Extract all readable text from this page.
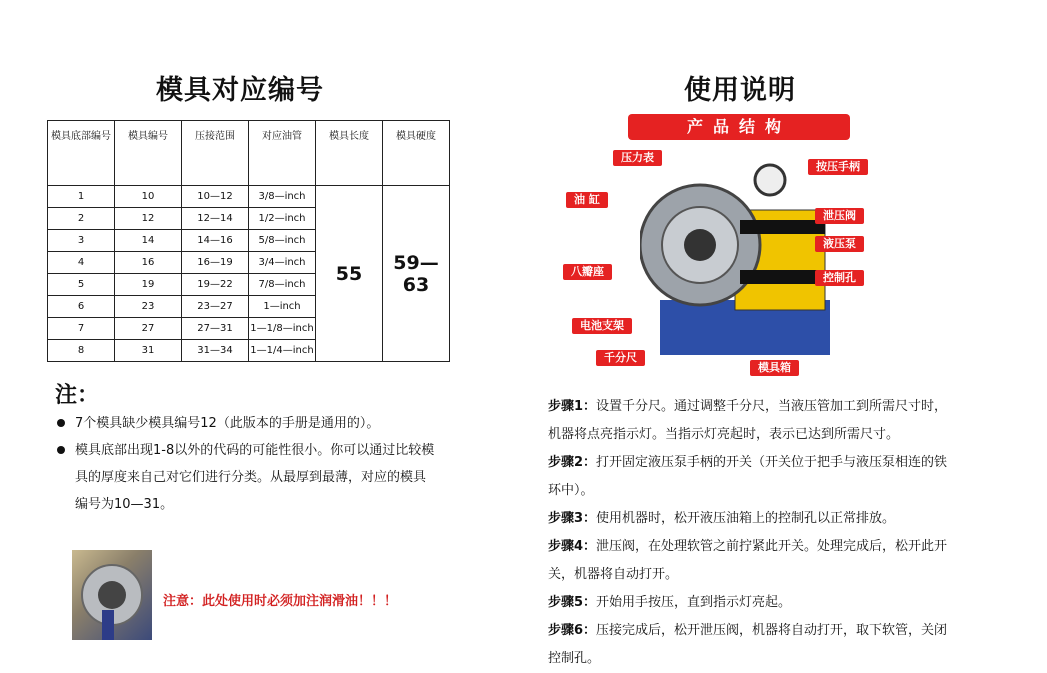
模具对应编号
模具底部编号	模具编号	压接范围	对应油管	模具长度	模具硬度
1	10	10—12	3/8—inch	55	59—63
2	12	12—14	1/2—inch		
3	14	14—16	5/8—inch		
4	16	16—19	3/4—inch		
5	19	19—22	7/8—inch		
6	23	23—27	1—inch		
7	27	27—31	1—1/8—inch		
8	31	31—34	1—1/4—inch		
注：
7个模具缺少模具编号12（此版本的手册是通用的）。
模具底部出现1-8以外的代码的可能性很小。你可以通过比较模具的厚度来自己对它们进行分类。从最厚到最薄，对应的模具编号为10—31。
注意：此处使用时必须加注润滑油！！！
使用说明
产品结构
压力表
按压手柄
油 缸
泄压阀
液压泵
八瓣座	控制孔
电池支架
千分尺
模具箱
步骤1：设置千分尺。通过调整千分尺，当液压管加工到所需尺寸时，机器将点亮指示灯。当指示灯亮起时，表示已达到所需尺寸。
步骤2：打开固定液压泵手柄的开关（开关位于把手与液压泵相连的铁环中）。
步骤3：使用机器时，松开液压油箱上的控制孔以正常排放。
步骤4：泄压阀，在处理软管之前拧紧此开关。处理完成后，松开此开关，机器将自动打开。
步骤5：开始用手按压，直到指示灯亮起。
步骤6：压接完成后，松开泄压阀，机器将自动打开，取下软管，关闭控制孔。
